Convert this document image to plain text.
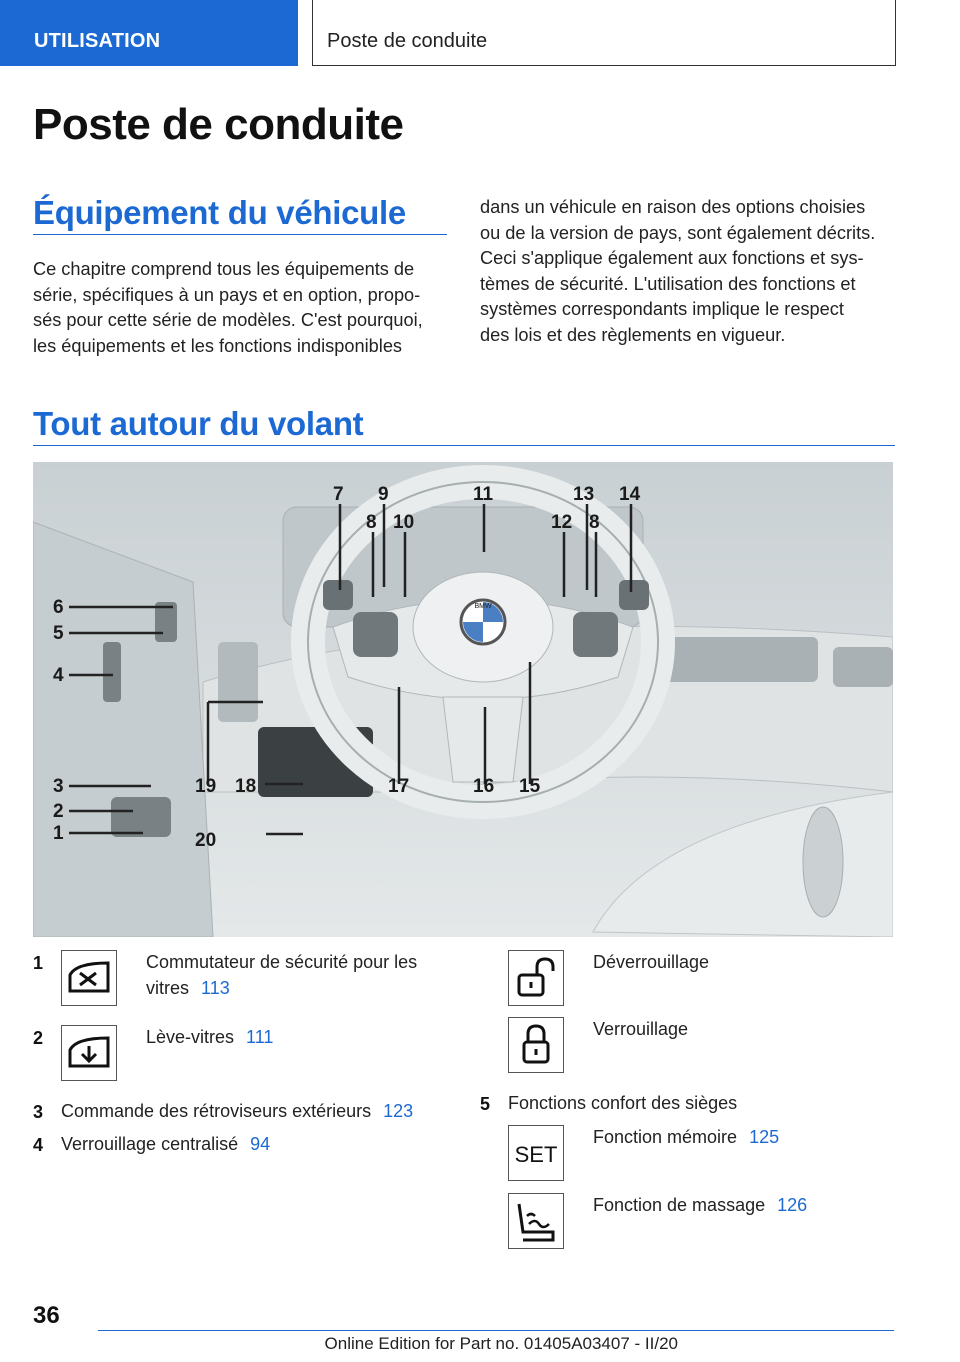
UTILISATION	Poste de conduite
Poste de conduite
Équipement du véhicule
Ce chapitre comprend tous les équipements de
série, spécifiques à un pays et en option, propo-
sés pour cette série de modèles. C'est pourquoi,
les équipements et les fonctions indisponibles
dans un véhicule en raison des options choisies
ou de la version de pays, sont également décrits.
Ceci s'applique également aux fonctions et sys-
tèmes de sécurité. L'utilisation des fonctions et
systèmes correspondants implique le respect
des lois et des règlements en vigueur.
Tout autour du volant
BMW
7 9	11	13 14
8 10	12 8
6
5
4
3
2
1
19 18	17	16 15
20
1	Commutateur de sécurité pour les
vitres 113
2	Lève-vitres 111
3 Commande des rétroviseurs extérieurs 123
4 Verrouillage centralisé 94
Déverrouillage
Verrouillage
5 Fonctions confort des sièges
SET
Fonction mémoire 125
Fonction de massage 126
36
Online Edition for Part no. 01405A03407 - II/20
